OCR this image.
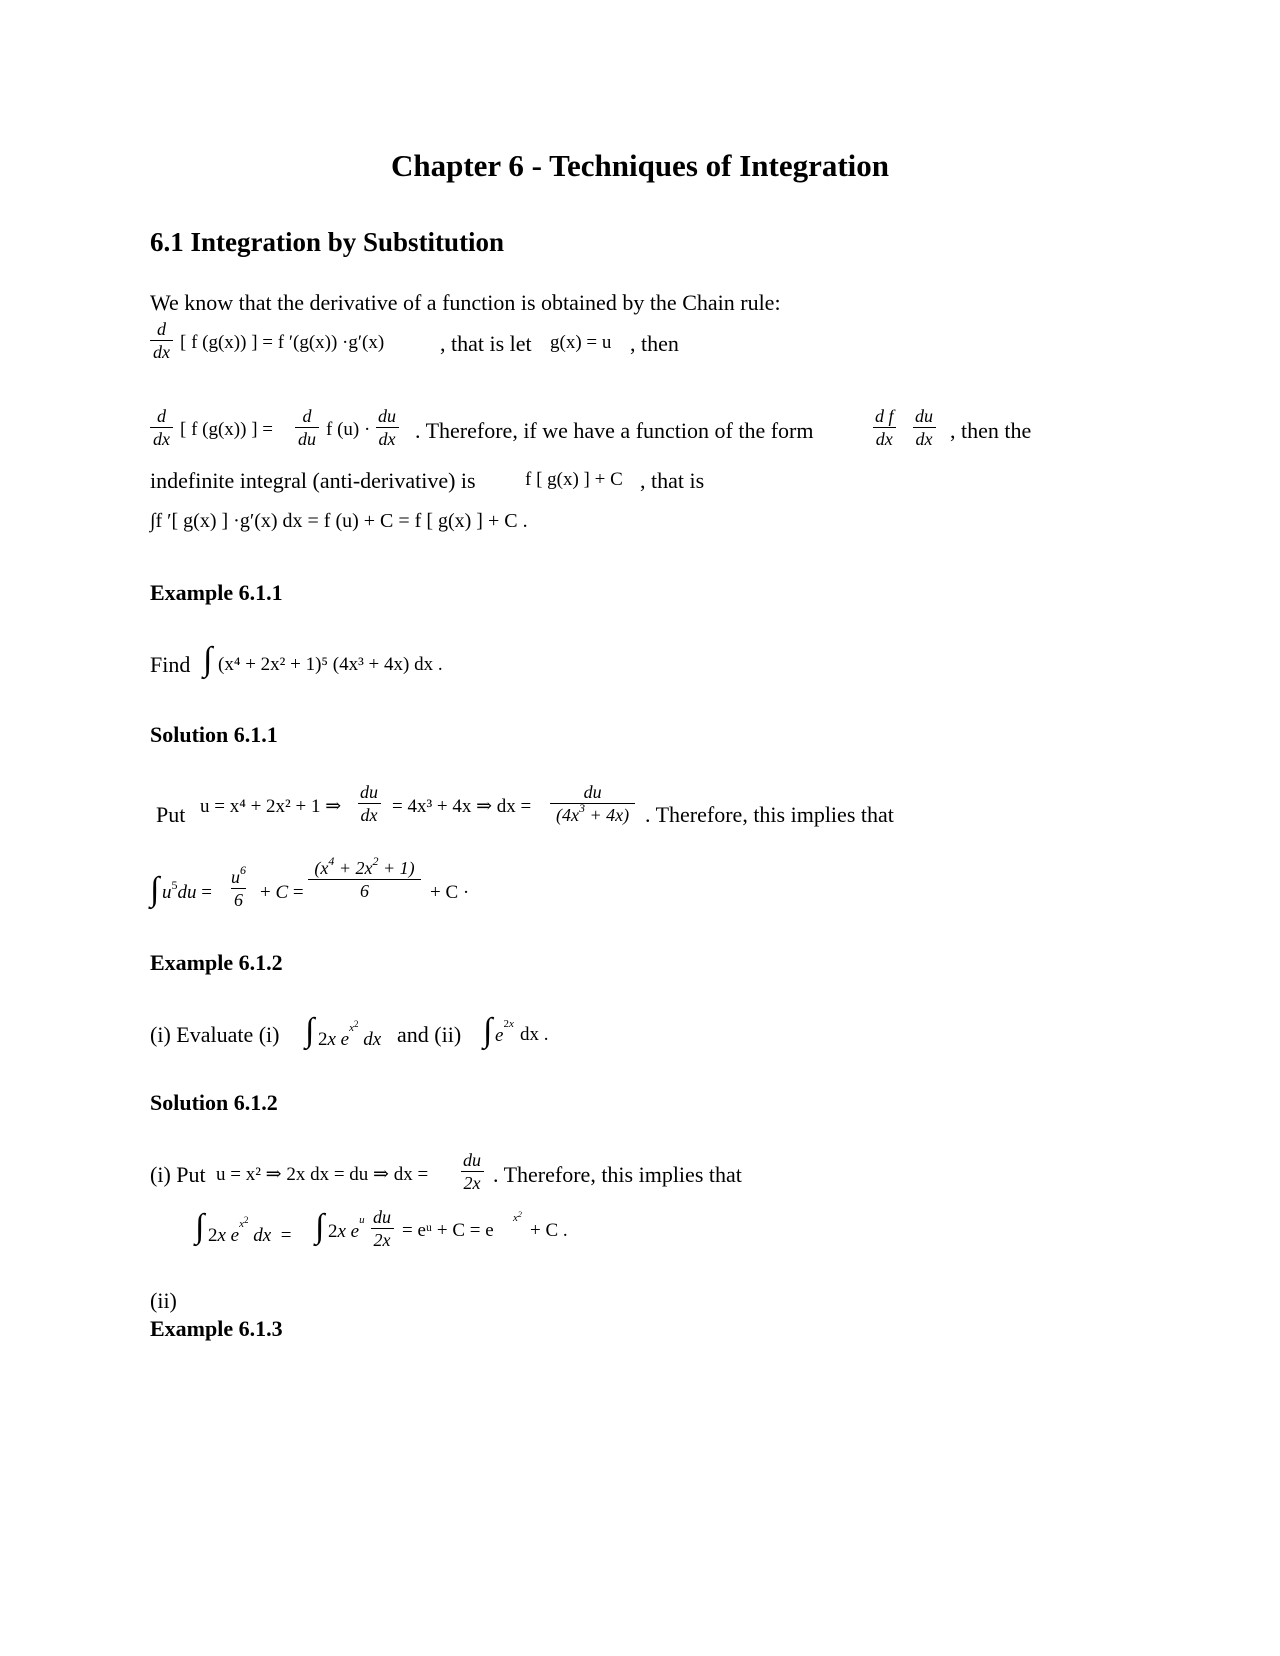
Chapter 6 - Techniques of Integration
6.1 Integration by Substitution
We know that the derivative of a function is obtained by the Chain rule:
$\frac{d}{dx}$ [ f (g(x)) ] = f ′(g(x)) ·g′(x)	, that is let g(x) = u , then
$\frac{d}{dx}$ [ f (g(x)) ] = $\frac{d}{du}$ f $(u) \cdot \frac{du}{dx}$ . Therefore, if we have a function of the form	$\frac{\text{d f}}{dx} \frac{du}{dx}$ , then the
indefinite integral (anti-derivative) is	f [ g(x) ] + C , that is
∫f ′[ g(x) ] ·g′(x) dx = f (u) + C = f [ g(x) ] + C .
Example 6.1.1
Find ∫ (x⁴ + 2x² + 1)⁵ (4x³ + 4x) dx .
Solution 6.1.1
Put u = x⁴ + 2x² + 1 ⇒ $\frac{du}{dx} = 4x^3 + 4x$ ⇒ dx = $\frac{du}{(4x^3 + 4x)}$ . Therefore, this implies that
∫ $u^5du = \frac{u^6}{6} + C = \frac{(x^4 + 2x^2 + 1)}{6} + C$ ·
Example 6.1.2
(i) Evaluate (i) ∫ 2x $e^{x^2}$ dx and (ii) ∫ $e^{2x}$ dx .
Solution 6.1.2
(i) Put u = x² ⇒ 2x dx = du ⇒ dx = $\frac{du}{2x}$ . Therefore, this implies that
∫ 2x $e^{x^2}$ dx  = ∫ 2x $e^u \frac{du}{2x}$ = eᵘ + C = e
$x^2$
+ C .
(ii)
Example 6.1.3
